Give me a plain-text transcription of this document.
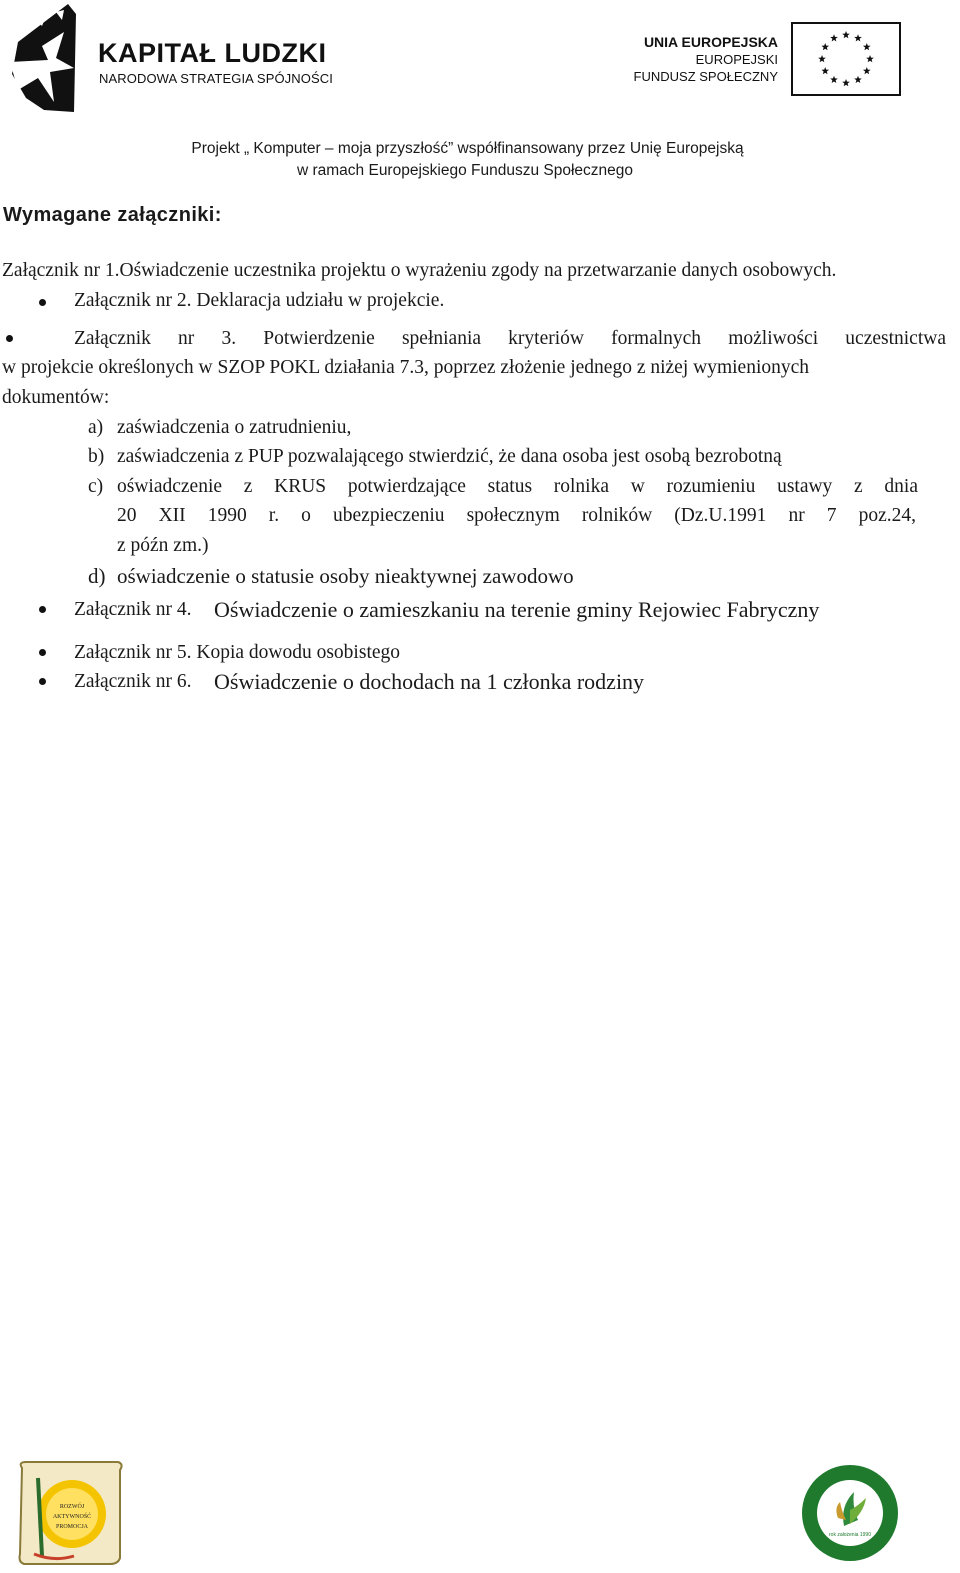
KAPITAŁ LUDZKI
NARODOWA STRATEGIA SPÓJNOŚCI
UNIA EUROPEJSKA
EUROPEJSKI
FUNDUSZ SPOŁECZNY
Projekt „ Komputer – moja przyszłość” współfinansowany przez Unię Europejską
w ramach Europejskiego Funduszu Społecznego
Wymagane załączniki:
Załącznik nr 1.Oświadczenie uczestnika projektu o wyrażeniu zgody na przetwarzanie danych osobowych.
Załącznik nr 2. Deklaracja udziału w projekcie.
Załącznik nr 3. Potwierdzenie spełniania kryteriów formalnych możliwości uczestnictwa
w projekcie określonych w SZOP POKL działania 7.3, poprzez złożenie jednego z niżej wymienionych
dokumentów:
a) zaświadczenia o zatrudnieniu,
b) zaświadczenia z PUP pozwalającego stwierdzić, że dana osoba jest osobą bezrobotną
c) oświadczenie z KRUS potwierdzające status rolnika w rozumieniu ustawy z dnia
20 XII 1990 r. o ubezpieczeniu społecznym rolników (Dz.U.1991 nr 7 poz.24,
z późn zm.)
d) oświadczenie o statusie osoby nieaktywnej zawodowo
Załącznik nr 4. Oświadczenie o zamieszkaniu na terenie gminy Rejowiec Fabryczny
Załącznik nr 5. Kopia dowodu osobistego
Załącznik nr 6. Oświadczenie o dochodach na 1 członka rodziny
ROZWÓJ
AKTYWNOŚĆ
PROMOCJA
rok założenia 1990
